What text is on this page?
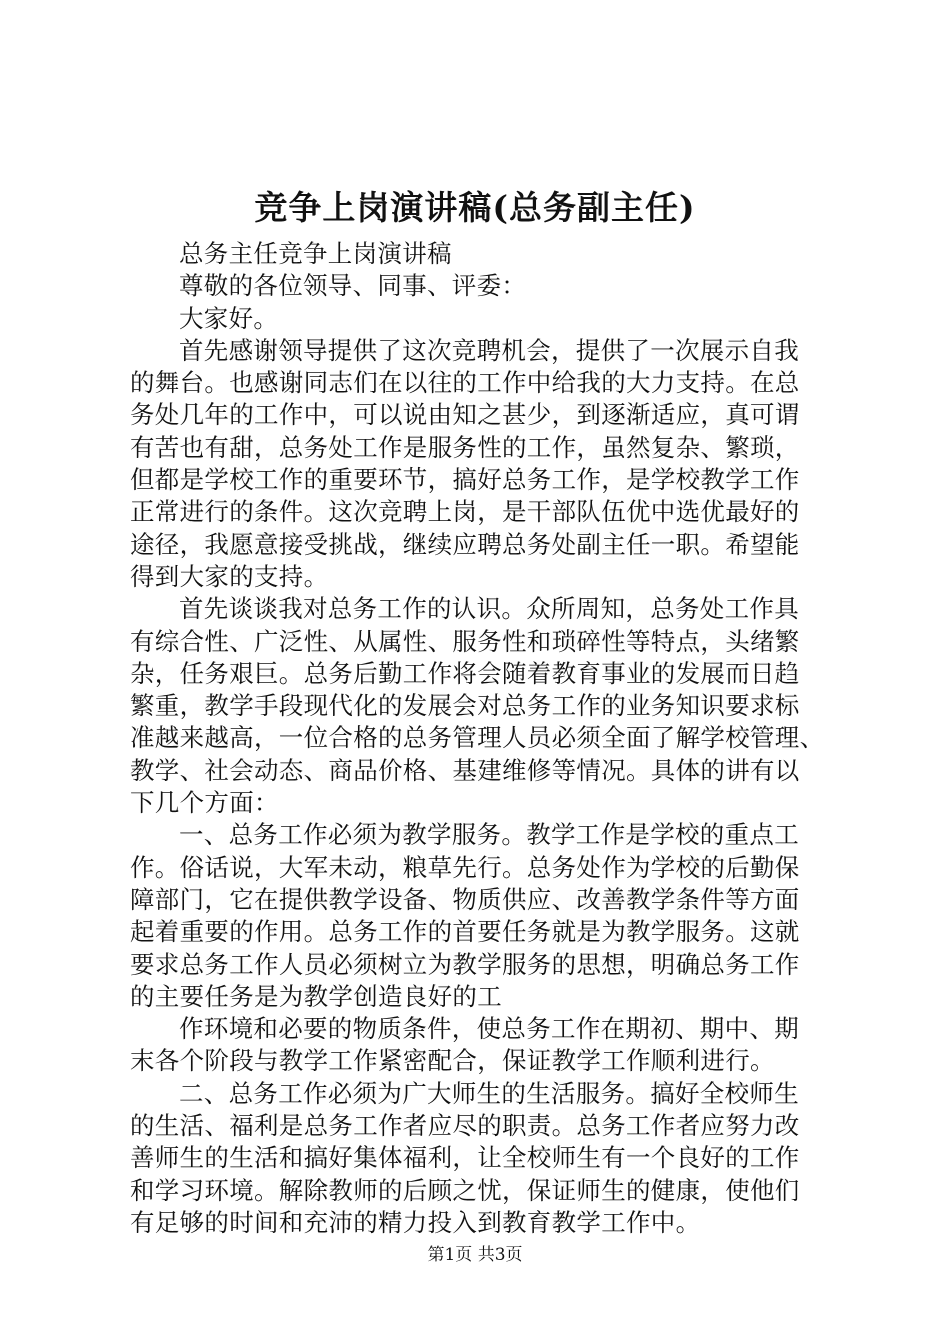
竞争上岗演讲稿(总务副主任)
总务主任竞争上岗演讲稿
尊敬的各位领导、同事、评委：
大家好。
首先感谢领导提供了这次竞聘机会，提供了一次展示自我
的舞台。也感谢同志们在以往的工作中给我的大力支持。在总
务处几年的工作中，可以说由知之甚少，到逐渐适应，真可谓
有苦也有甜，总务处工作是服务性的工作，虽然复杂、繁琐，
但都是学校工作的重要环节，搞好总务工作，是学校教学工作
正常进行的条件。这次竞聘上岗，是干部队伍优中选优最好的
途径，我愿意接受挑战，继续应聘总务处副主任一职。希望能
得到大家的支持。
首先谈谈我对总务工作的认识。众所周知，总务处工作具
有综合性、广泛性、从属性、服务性和琐碎性等特点，头绪繁
杂，任务艰巨。总务后勤工作将会随着教育事业的发展而日趋
繁重，教学手段现代化的发展会对总务工作的业务知识要求标
准越来越高，一位合格的总务管理人员必须全面了解学校管理、
教学、社会动态、商品价格、基建维修等情况。具体的讲有以
下几个方面：
一、总务工作必须为教学服务。教学工作是学校的重点工
作。俗话说，大军未动，粮草先行。总务处作为学校的后勤保
障部门，它在提供教学设备、物质供应、改善教学条件等方面
起着重要的作用。总务工作的首要任务就是为教学服务。这就
要求总务工作人员必须树立为教学服务的思想，明确总务工作
的主要任务是为教学创造良好的工
作环境和必要的物质条件，使总务工作在期初、期中、期
末各个阶段与教学工作紧密配合，保证教学工作顺利进行。
二、总务工作必须为广大师生的生活服务。搞好全校师生
的生活、福利是总务工作者应尽的职责。总务工作者应努力改
善师生的生活和搞好集体福利，让全校师生有一个良好的工作
和学习环境。解除教师的后顾之忧，保证师生的健康，使他们
有足够的时间和充沛的精力投入到教育教学工作中。
第1页 共3页
